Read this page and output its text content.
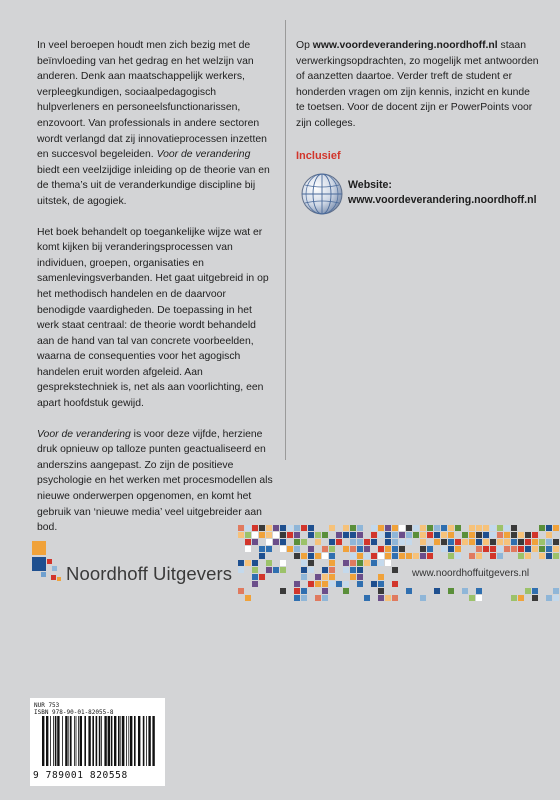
In veel beroepen houdt men zich bezig met de beïnvloeding van het gedrag en het welzijn van anderen. Denk aan maatschappelijk werkers, verpleegkundigen, sociaalpedagogisch hulpverleners en personeelsfunctionarissen, enzovoort. Van professionals in andere sectoren wordt verlangd dat zij innovatieprocessen inzetten en succesvol begeleiden. Voor de verandering biedt een veelzijdige inleiding op de theorie van en de thema’s uit de veranderkundige discipline bij uitstek, de agogiek.

Het boek behandelt op toegankelijke wijze wat er komt kijken bij veranderingsprocessen van individuen, groepen, organisaties en samenlevingsverbanden. Het gaat uitgebreid in op het methodisch handelen en de daarvoor benodigde vaardigheden. De toepassing in het werk staat centraal: de theorie wordt behandeld aan de hand van tal van concrete voorbeelden, waarna de consequenties voor het agogisch handelen eruit worden afgeleid. Aan gesprekstechniek is, net als aan voorlichting, een apart hoofdstuk gewijd.

Voor de verandering is voor deze vijfde, herziene druk opnieuw op talloze punten geactualiseerd en anderszins aangepast. Zo zijn de positieve psychologie en het werken met procesmodellen als nieuwe onderwerpen opgenomen, en komt het gebruik van ‘nieuwe media’ veel uitgebreider aan bod.

Op www.voordeverandering.noordhoff.nl staan verwerkingsopdrachten, zo mogelijk met antwoorden of aanzetten daartoe. Verder treft de student er honderden vragen om zijn kennis, inzicht en kunde te toetsen. Voor de docent zijn er PowerPoints voor zijn colleges.

Inclusief
Website:
www.voordeverandering.noordhoff.nl
Noordhoff Uitgevers	www.noordhoffuitgevers.nl
NUR 753
ISBN 978-90-01-82055-8
9 789001 820558
